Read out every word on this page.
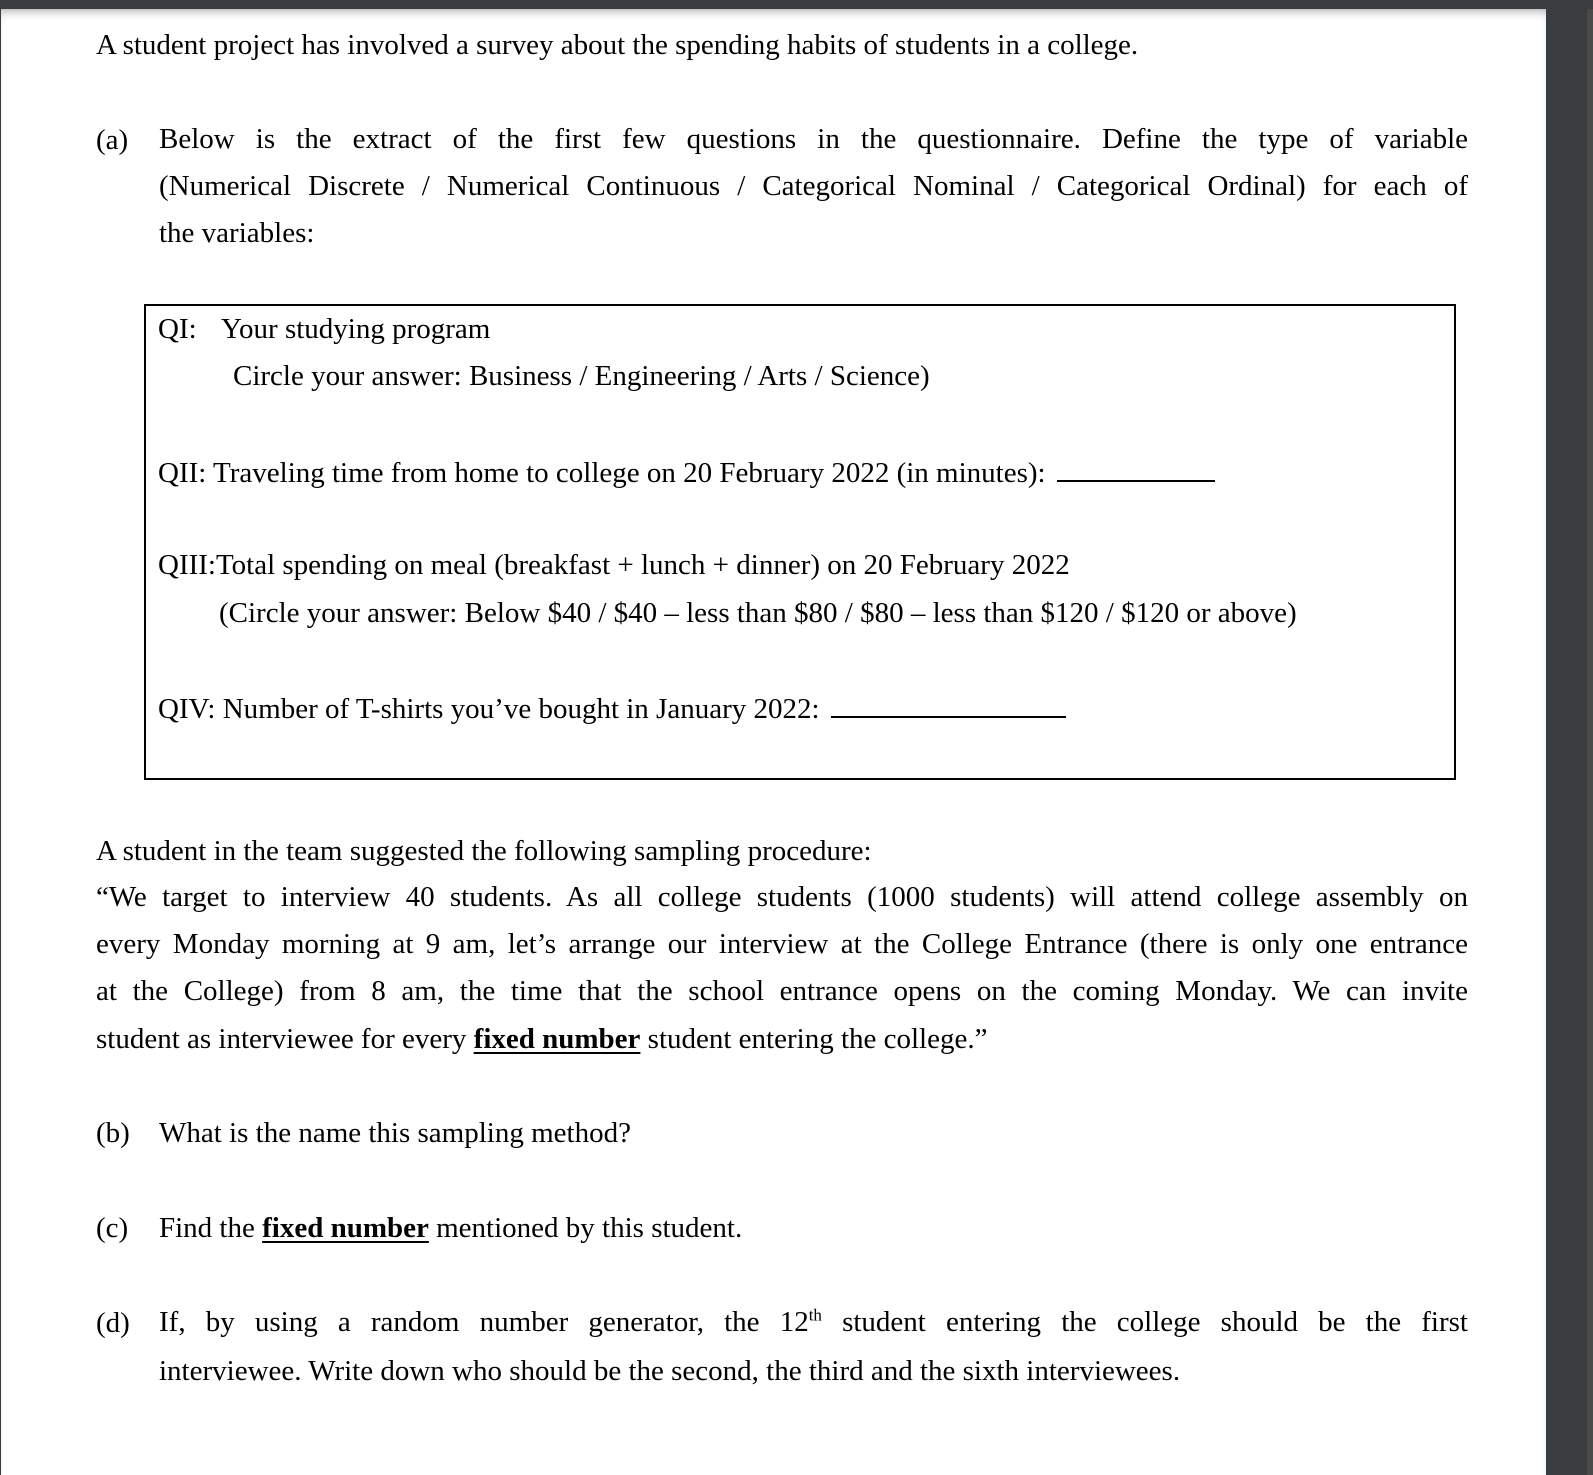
A student project has involved a survey about the spending habits of students in a college.
(a) Below is the extract of the first few questions in the questionnaire. Define the type of variable
(Numerical Discrete / Numerical Continuous / Categorical Nominal / Categorical Ordinal) for each of
the variables:
QI: Your studying program
Circle your answer: Business / Engineering / Arts / Science)
QII: Traveling time from home to college on 20 February 2022 (in minutes):
QIII:Total spending on meal (breakfast + lunch + dinner) on 20 February 2022
(Circle your answer: Below $40 / $40 – less than $80 / $80 – less than $120 / $120 or above)
QIV: Number of T-shirts you’ve bought in January 2022:
A student in the team suggested the following sampling procedure:
“We target to interview 40 students. As all college students (1000 students) will attend college assembly on
every Monday morning at 9 am, let’s arrange our interview at the College Entrance (there is only one entrance
at the College) from 8 am, the time that the school entrance opens on the coming Monday. We can invite
student as interviewee for every fixed number student entering the college.”
(b) What is the name this sampling method?
(c) Find the fixed number mentioned by this student.
(d) If, by using a random number generator, the 12th student entering the college should be the first
interviewee. Write down who should be the second, the third and the sixth interviewees.
